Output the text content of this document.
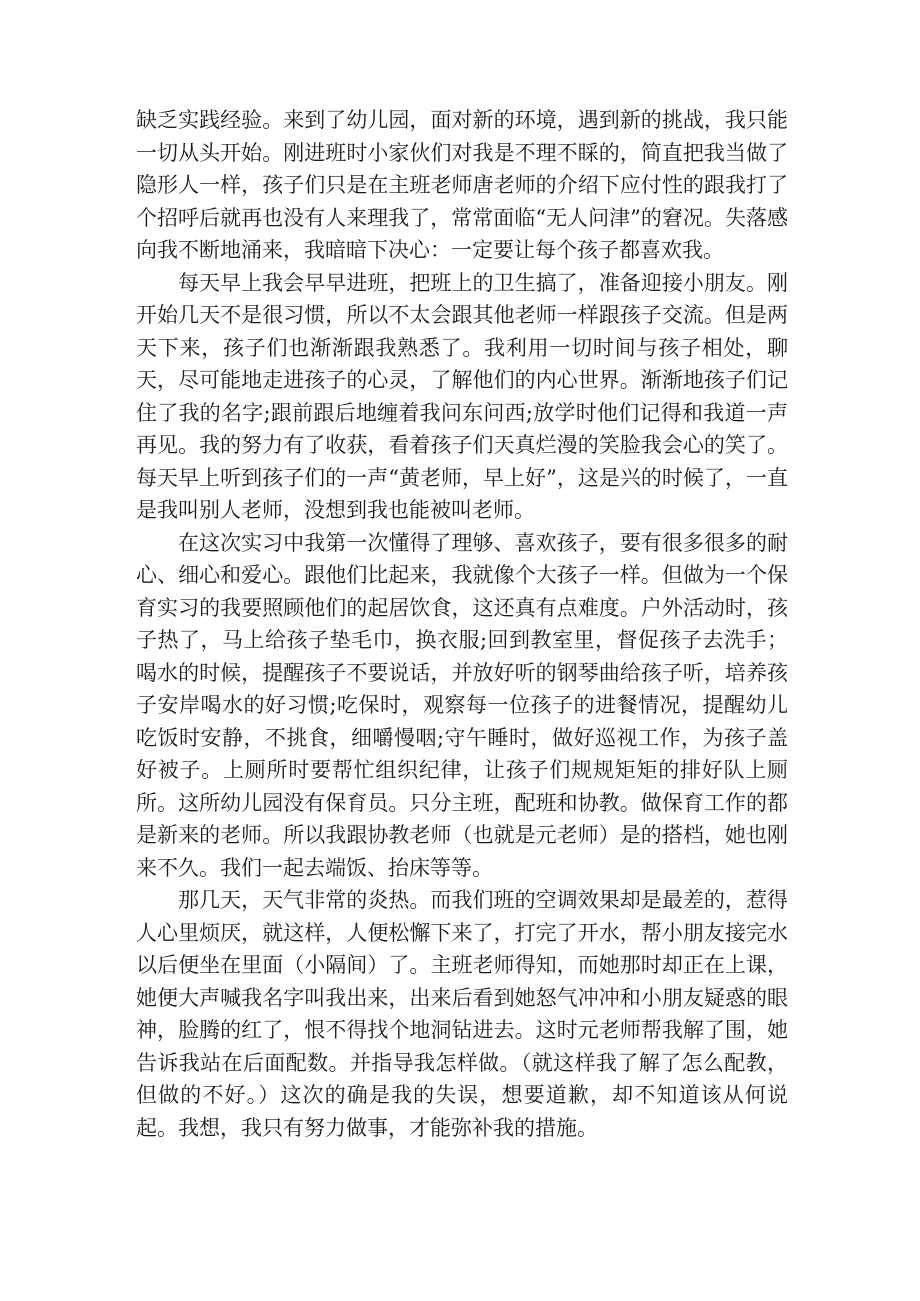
缺乏实践经验。来到了幼儿园，面对新的环境，遇到新的挑战，我只能一切从头开始。刚进班时小家伙们对我是不理不睬的，简直把我当做了隐形人一样，孩子们只是在主班老师唐老师的介绍下应付性的跟我打了个招呼后就再也没有人来理我了，常常面临“无人问津”的窘况。失落感向我不断地涌来，我暗暗下决心：一定要让每个孩子都喜欢我。

每天早上我会早早进班，把班上的卫生搞了，准备迎接小朋友。刚开始几天不是很习惯，所以不太会跟其他老师一样跟孩子交流。但是两天下来，孩子们也渐渐跟我熟悉了。我利用一切时间与孩子相处，聊天，尽可能地走进孩子的心灵，了解他们的内心世界。渐渐地孩子们记住了我的名字;跟前跟后地缠着我问东问西;放学时他们记得和我道一声再见。我的努力有了收获，看着孩子们天真烂漫的笑脸我会心的笑了。每天早上听到孩子们的一声“黄老师，早上好”，这是兴的时候了，一直是我叫别人老师，没想到我也能被叫老师。

在这次实习中我第一次懂得了理够、喜欢孩子，要有很多很多的耐心、细心和爱心。跟他们比起来，我就像个大孩子一样。但做为一个保育实习的我要照顾他们的起居饮食，这还真有点难度。户外活动时，孩子热了，马上给孩子垫毛巾，换衣服;回到教室里，督促孩子去洗手；喝水的时候，提醒孩子不要说话，并放好听的钢琴曲给孩子听，培养孩子安岸喝水的好习惯;吃保时，观察每一位孩子的进餐情况，提醒幼儿吃饭时安静，不挑食，细嚼慢咽;守午睡时，做好巡视工作，为孩子盖好被子。上厕所时要帮忙组织纪律，让孩子们规规矩矩的排好队上厕所。这所幼儿园没有保育员。只分主班，配班和协教。做保育工作的都是新来的老师。所以我跟协教老师（也就是元老师）是的搭档，她也刚来不久。我们一起去端饭、抬床等等。

那几天，天气非常的炎热。而我们班的空调效果却是最差的，惹得人心里烦厌，就这样，人便松懈下来了，打完了开水，帮小朋友接完水以后便坐在里面（小隔间）了。主班老师得知，而她那时却正在上课，她便大声喊我名字叫我出来，出来后看到她怒气冲冲和小朋友疑惑的眼神，脸腾的红了，恨不得找个地洞钻进去。这时元老师帮我解了围，她告诉我站在后面配数。并指导我怎样做。（就这样我了解了怎么配教，但做的不好。）这次的确是我的失误，想要道歉，却不知道该从何说起。我想，我只有努力做事，才能弥补我的措施。
